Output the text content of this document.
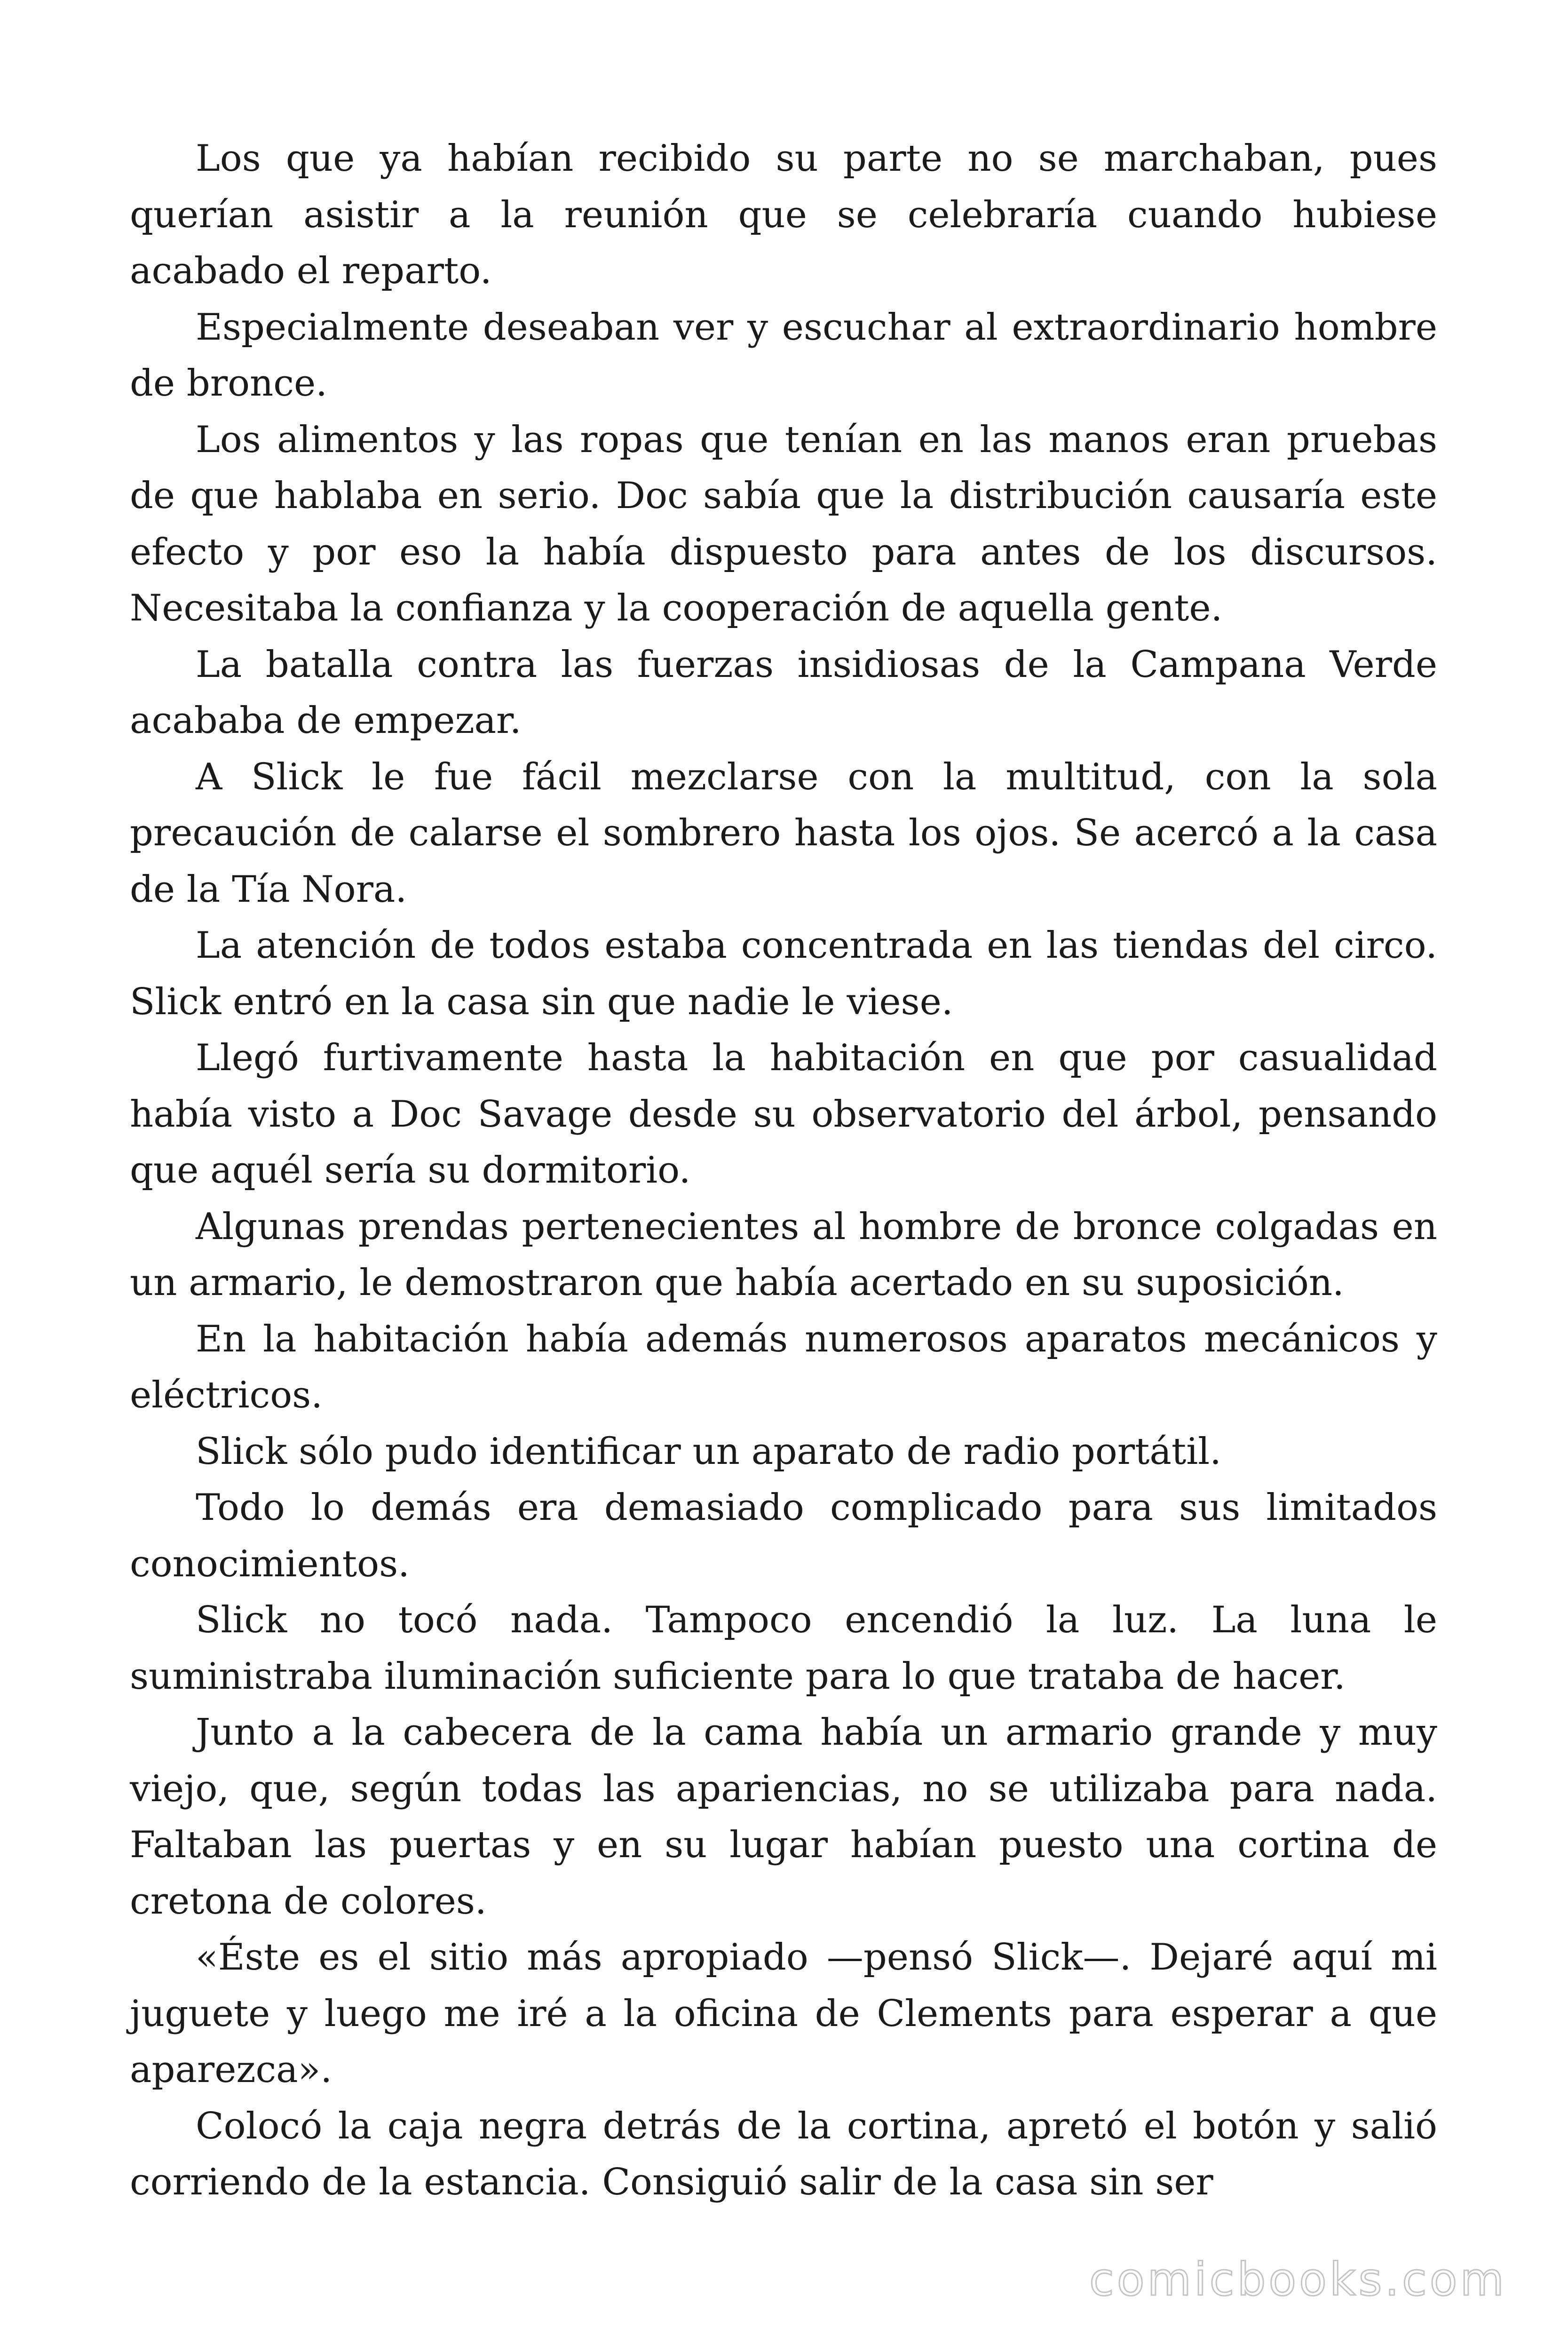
Los que ya habían recibido su parte no se marchaban, pues querían asistir a la reunión que se celebraría cuando hubiese acabado el reparto.

Especialmente deseaban ver y escuchar al extraordinario hombre de bronce.

Los alimentos y las ropas que tenían en las manos eran pruebas de que hablaba en serio. Doc sabía que la distribución causaría este efecto y por eso la había dispuesto para antes de los discursos. Necesitaba la confianza y la cooperación de aquella gente.

La batalla contra las fuerzas insidiosas de la Campana Verde acababa de empezar.

A Slick le fue fácil mezclarse con la multitud, con la sola precaución de calarse el sombrero hasta los ojos. Se acercó a la casa de la Tía Nora.

La atención de todos estaba concentrada en las tiendas del circo. Slick entró en la casa sin que nadie le viese.

Llegó furtivamente hasta la habitación en que por casualidad había visto a Doc Savage desde su observatorio del árbol, pensando que aquél sería su dormitorio.

Algunas prendas pertenecientes al hombre de bronce colgadas en un armario, le demostraron que había acertado en su suposición.

En la habitación había además numerosos aparatos mecánicos y eléctricos.

Slick sólo pudo identificar un aparato de radio portátil.

Todo lo demás era demasiado complicado para sus limitados conocimientos.

Slick no tocó nada. Tampoco encendió la luz. La luna le suministraba iluminación suficiente para lo que trataba de hacer.

Junto a la cabecera de la cama había un armario grande y muy viejo, que, según todas las apariencias, no se utilizaba para nada. Faltaban las puertas y en su lugar habían puesto una cortina de cretona de colores.

«Éste es el sitio más apropiado —pensó Slick—. Dejaré aquí mi juguete y luego me iré a la oficina de Clements para esperar a que aparezca».

Colocó la caja negra detrás de la cortina, apretó el botón y salió corriendo de la estancia. Consiguió salir de la casa sin ser

comicbooks.com
